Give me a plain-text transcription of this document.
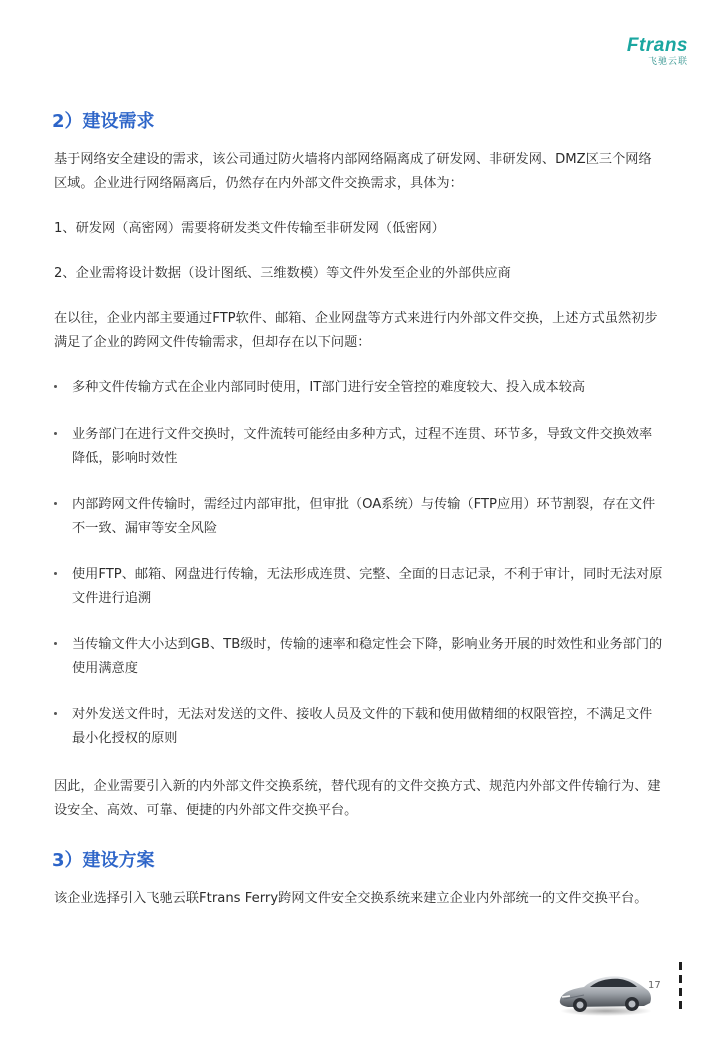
Ftrans
飞驰云联
2）建设需求

基于网络安全建设的需求，该公司通过防火墙将内部网络隔离成了研发网、非研发网、DMZ区三个网络区域。企业进行网络隔离后，仍然存在内外部文件交换需求，具体为：

1、研发网（高密网）需要将研发类文件传输至非研发网（低密网）

2、企业需将设计数据（设计图纸、三维数模）等文件外发至企业的外部供应商

在以往，企业内部主要通过FTP软件、邮箱、企业网盘等方式来进行内外部文件交换，上述方式虽然初步满足了企业的跨网文件传输需求，但却存在以下问题：

多种文件传输方式在企业内部同时使用，IT部门进行安全管控的难度较大、投入成本较高
业务部门在进行文件交换时，文件流转可能经由多种方式，过程不连贯、环节多，导致文件交换效率降低，影响时效性
内部跨网文件传输时，需经过内部审批，但审批（OA系统）与传输（FTP应用）环节割裂，存在文件不一致、漏审等安全风险
使用FTP、邮箱、网盘进行传输，无法形成连贯、完整、全面的日志记录，不利于审计，同时无法对原文件进行追溯
当传输文件大小达到GB、TB级时，传输的速率和稳定性会下降，影响业务开展的时效性和业务部门的使用满意度
对外发送文件时，无法对发送的文件、接收人员及文件的下载和使用做精细的权限管控，不满足文件最小化授权的原则

因此，企业需要引入新的内外部文件交换系统，替代现有的文件交换方式、规范内外部文件传输行为、建设安全、高效、可靠、便捷的内外部文件交换平台。

3）建设方案

该企业选择引入飞驰云联Ftrans Ferry跨网文件安全交换系统来建立企业内外部统一的文件交换平台。

17
